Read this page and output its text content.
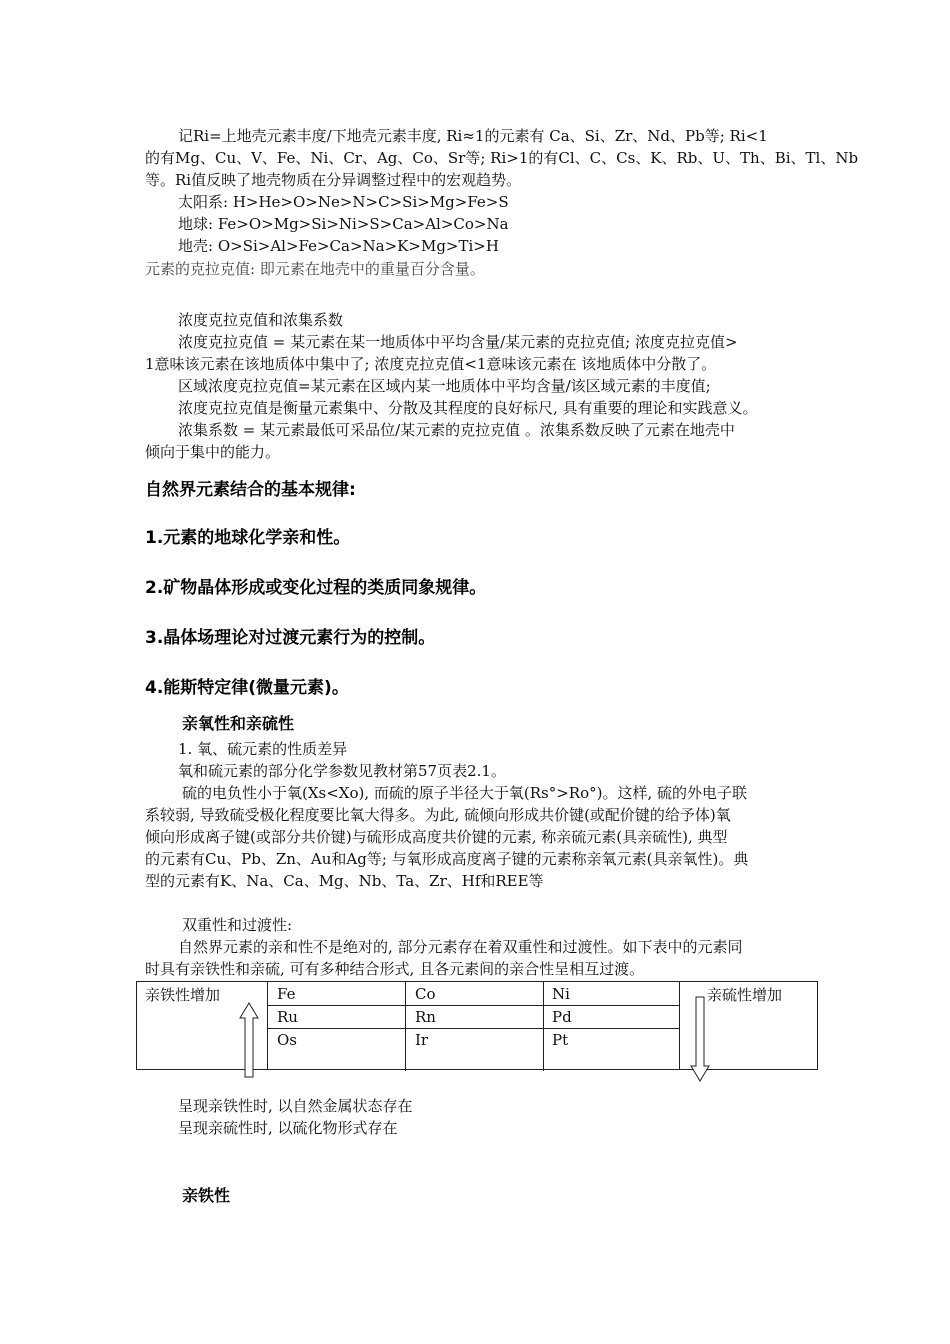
记Ri=上地壳元素丰度/下地壳元素丰度, Ri≈1的元素有 Ca、Si、Zr、Nd、Pb等; Ri<1
的有Mg、Cu、V、Fe、Ni、Cr、Ag、Co、Sr等; Ri>1的有Cl、C、Cs、K、Rb、U、Th、Bi、Tl、Nb
等。Ri值反映了地壳物质在分异调整过程中的宏观趋势。
太阳系: H>He>O>Ne>N>C>Si>Mg>Fe>S
地球: Fe>O>Mg>Si>Ni>S>Ca>Al>Co>Na
地壳: O>Si>Al>Fe>Ca>Na>K>Mg>Ti>H
元素的克拉克值: 即元素在地壳中的重量百分含量。
浓度克拉克值和浓集系数
浓度克拉克值 = 某元素在某一地质体中平均含量/某元素的克拉克值; 浓度克拉克值>
1意味该元素在该地质体中集中了; 浓度克拉克值<1意味该元素在 该地质体中分散了。
区域浓度克拉克值=某元素在区域内某一地质体中平均含量/该区域元素的丰度值;
浓度克拉克值是衡量元素集中、分散及其程度的良好标尺, 具有重要的理论和实践意义。
浓集系数 = 某元素最低可采品位/某元素的克拉克值 。浓集系数反映了元素在地壳中
倾向于集中的能力。
自然界元素结合的基本规律:
1.元素的地球化学亲和性。
2.矿物晶体形成或变化过程的类质同象规律。
3.晶体场理论对过渡元素行为的控制。
4.能斯特定律(微量元素)。
亲氧性和亲硫性
1. 氧、硫元素的性质差异
氧和硫元素的部分化学参数见教材第57页表2.1。
硫的电负性小于氧(Xs<Xo), 而硫的原子半径大于氧(Rs°>Ro°)。这样, 硫的外电子联
系较弱, 导致硫受极化程度要比氧大得多。为此, 硫倾向形成共价键(或配价键的给予体)氧
倾向形成离子键(或部分共价键)与硫形成高度共价键的元素, 称亲硫元素(具亲硫性), 典型
的元素有Cu、Pb、Zn、Au和Ag等; 与氧形成高度离子键的元素称亲氧元素(具亲氧性)。典
型的元素有K、Na、Ca、Mg、Nb、Ta、Zr、Hf和REE等
双重性和过渡性:
自然界元素的亲和性不是绝对的, 部分元素存在着双重性和过渡性。如下表中的元素同
时具有亲铁性和亲硫, 可有多种结合形式, 且各元素间的亲合性呈相互过渡。
亲铁性增加	亲硫性增加
Fe	Co	Ni
Ru	Rn	Pd
Os	Ir	Pt
呈现亲铁性时, 以自然金属状态存在
呈现亲硫性时, 以硫化物形式存在
亲铁性
